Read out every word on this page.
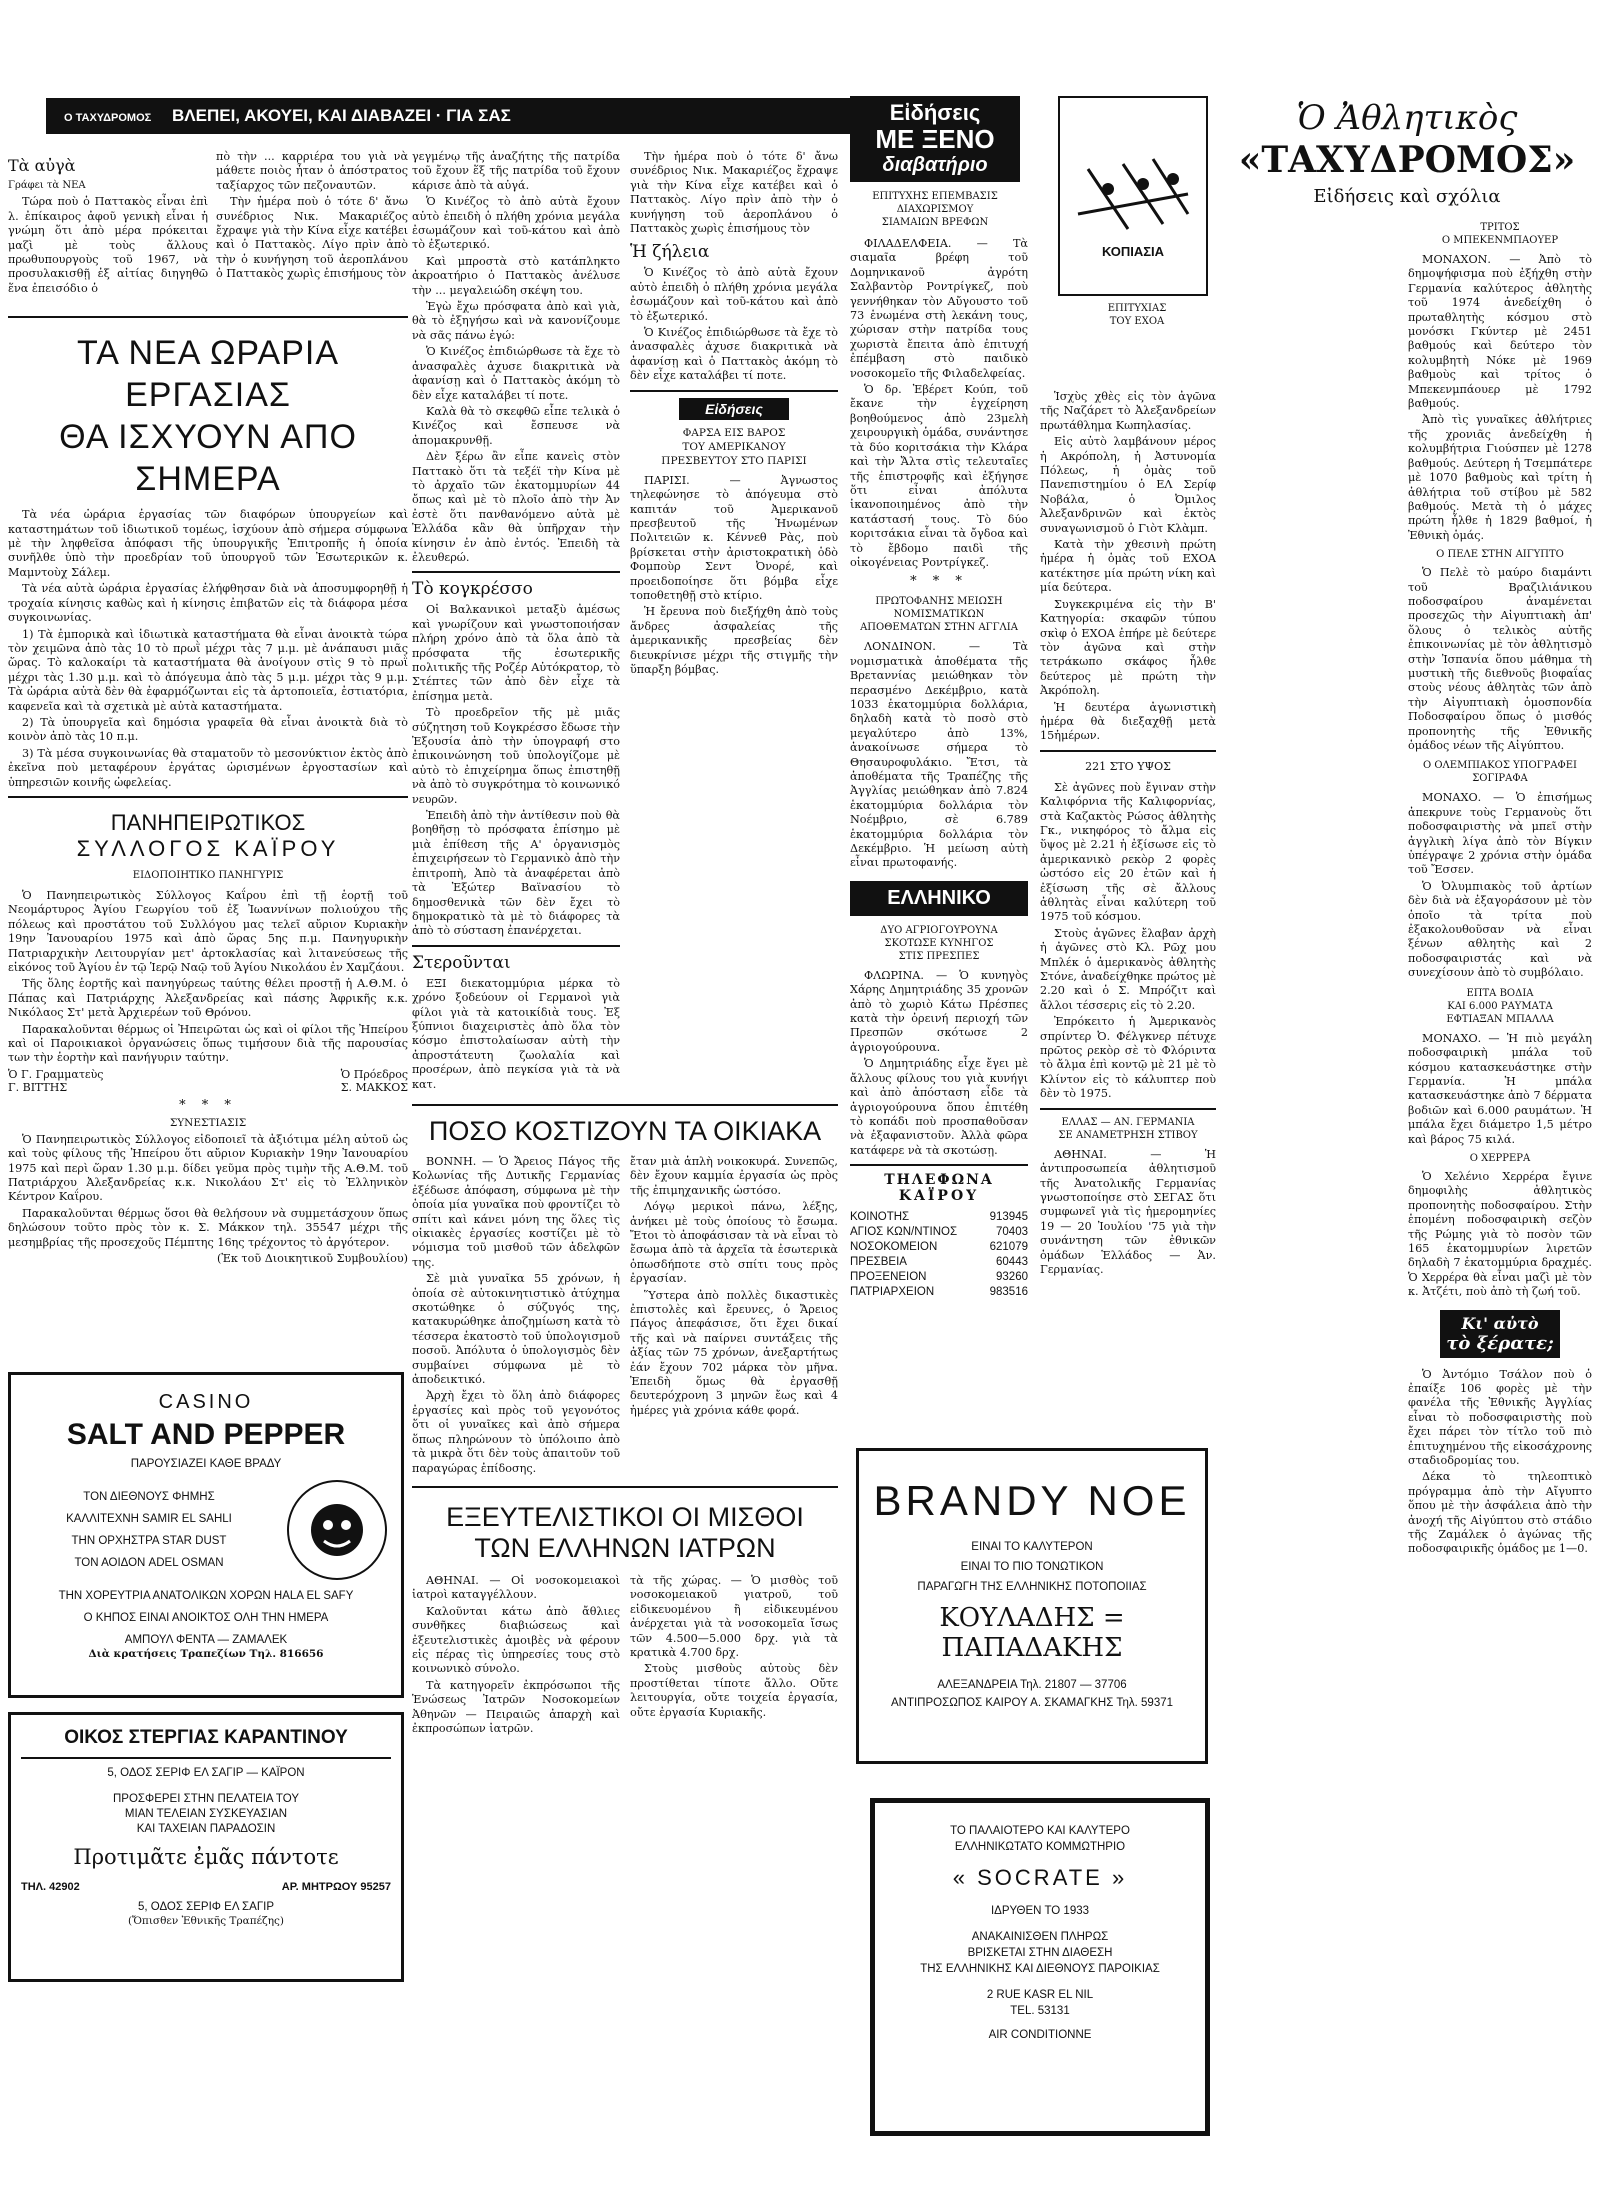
Ο ΤΑΧΥΔΡΟΜΟΣ ΒΛΕΠΕΙ, ΑΚΟΥΕΙ, ΚΑΙ ΔΙΑΒΑΖΕΙ · ΓΙΑ ΣΑΣ
Τὰ αὐγὰ

Γράφει τὰ ΝΕΑ

Τώρα ποὺ ὁ Παττακὸς εἶναι ἐπὶ λ. ἐπίκαιρος ἀφοῦ γενικὴ εἶναι ἡ γνώμη ὅτι ἀπὸ μέρα πρόκειται μαζὶ μὲ τοὺς ἄλλους πρωθυπουργοὺς τοῦ 1967, νὰ προσυλακισθῇ ἐξ αἰτίας διηγηθῶ ἕνα ἐπεισόδιο ὁ

πὸ τὴν ... καρριέρα του γιὰ νὰ μάθετε ποιὸς ἦταν ὁ ἀπόστρατος ταξίαρχος τῶν πεζοναυτῶν.

Τὴν ἡμέρα ποὺ ὁ τότε δ' ἄνω συνέδριος Νικ. Μακαριέζος ἔχραψε γιὰ τὴν Κίνα εἶχε κατέβει καὶ ὁ Παττακὸς. Λίγο πρὶν ἀπὸ τὴν ὁ κυνήγηση τοῦ ἀεροπλάνου ὁ Παττακὸς χωρὶς ἐπισήμους τὸν

ΤΑ ΝΕΑ ΩΡΑΡΙΑ ΕΡΓΑΣΙΑΣ
ΘΑ ΙΣΧΥΟΥΝ ΑΠΟ ΣΗΜΕΡΑ

Τὰ νέα ὡράρια ἐργασίας τῶν διαφόρων ὑπουργείων καὶ καταστημάτων τοῦ ἰδιωτικοῦ τομέως, ἰσχύουν ἀπὸ σήμερα σύμφωνα μὲ τὴν ληφθεῖσα ἀπόφασι τῆς ὑπουργικῆς Ἐπιτροπῆς ἡ ὁποία συνῆλθε ὑπὸ τὴν προεδρίαν τοῦ ὑπουργοῦ τῶν Ἐσωτερικῶν κ. Μαμντοὺχ Σάλεμ.

Τὰ νέα αὐτὰ ὡράρια ἐργασίας ἐλήφθησαν διὰ νὰ ἀποσυμφορηθῇ ἡ τροχαία κίνησις καθὼς καὶ ἡ κίνησις ἐπιβατῶν εἰς τὰ διάφορα μέσα συγκοινωνίας.

1) Τὰ ἐμπορικὰ καὶ ἰδιωτικὰ καταστήματα θὰ εἶναι ἀνοικτὰ τώρα τὸν χειμῶνα ἀπὸ τὰς 10 τὸ πρωῒ μέχρι τὰς 7 μ.μ. μὲ ἀνάπαυσι μιᾶς ὥρας. Τὸ καλοκαίρι τὰ καταστήματα θὰ ἀνοίγουν στὶς 9 τὸ πρωῒ μέχρι τὰς 1.30 μ.μ. καὶ τὸ ἀπόγευμα ἀπὸ τὰς 5 μ.μ. μέχρι τὰς 9 μ.μ. Τὰ ὡράρια αὐτὰ δὲν θὰ ἐφαρμόζωνται εἰς τὰ ἀρτοποιεῖα, ἑστιατόρια, καφενεῖα καὶ τὰ σχετικὰ μὲ αὐτὰ καταστήματα.

2) Τὰ ὑπουργεῖα καὶ δημόσια γραφεῖα θὰ εἶναι ἀνοικτὰ διὰ τὸ κοινὸν ἀπὸ τὰς 10 π.μ.

3) Τὰ μέσα συγκοινωνίας θὰ σταματοῦν τὸ μεσονύκτιον ἐκτὸς ἀπὸ ἐκεῖνα ποὺ μεταφέρουν ἐργάτας ὡρισμένων ἐργοστασίων καὶ ὑπηρεσιῶν κοινῆς ὠφελείας.

ΠΑΝΗΠΕΙΡΩΤΙΚΟΣ
ΣΥΛΛΟΓΟΣ ΚΑΪΡΟΥ
ΕΙΔΟΠΟΙΗΤΙΚΟ ΠΑΝΗΓΥΡΙΣ

Ὁ Πανηπειρωτικὸς Σύλλογος Καΐρου ἐπὶ τῇ ἑορτῇ τοῦ Νεομάρτυρος Ἁγίου Γεωργίου τοῦ ἐξ Ἰωαννίνων πολιούχου τῆς πόλεως καὶ προστάτου τοῦ Συλλόγου μας τελεῖ αὔριον Κυριακὴν 19ην Ἰανουαρίου 1975 καὶ ἀπὸ ὥρας 5ης π.μ. Πανηγυρικὴν Πατριαρχικὴν Λειτουργίαν μετ' ἀρτοκλασίας καὶ λιτανεύσεως τῆς εἰκόνος τοῦ Ἁγίου ἐν τῷ Ἱερῷ Ναῷ τοῦ Ἁγίου Νικολάου ἐν Χαμζάουι.

Τῆς ὅλης ἑορτῆς καὶ πανηγύρεως ταύτης θέλει προστῇ ἡ Α.Θ.Μ. ὁ Πάπας καὶ Πατριάρχης Ἀλεξανδρείας καὶ πάσης Ἀφρικῆς κ.κ. Νικόλαος Στ' μετὰ Ἀρχιερέων τοῦ Θρόνου.

Παρακαλοῦνται θέρμως οἱ Ἠπειρῶται ὡς καὶ οἱ φίλοι τῆς Ἠπείρου καὶ οἱ Παροικιακοὶ ὀργανώσεις ὅπως τιμήσουν διὰ τῆς παρουσίας των τὴν ἑορτὴν καὶ πανήγυριν ταύτην.

Ὁ Γ. Γραμματεὺς
Γ. ΒΙΤΤΗΣ
Ὁ Πρόεδρος
Σ. ΜΑΚΚΟΣ
* * *
ΣΥΝΕΣΤΙΑΣΙΣ

Ὁ Πανηπειρωτικὸς Σύλλογος εἰδοποιεῖ τὰ ἀξιότιμα μέλη αὐτοῦ ὡς καὶ τοὺς φίλους τῆς Ἠπείρου ὅτι αὔριον Κυριακὴν 19ην Ἰανουαρίου 1975 καὶ περὶ ὥραν 1.30 μ.μ. δίδει γεῦμα πρὸς τιμὴν τῆς Α.Θ.Μ. τοῦ Πατριάρχου Ἀλεξανδρείας κ.κ. Νικολάου Στ' εἰς τὸ Ἑλληνικὸν Κέντρον Καΐρου.

Παρακαλοῦνται θέρμως ὅσοι θὰ θελήσουν νὰ συμμετάσχουν ὅπως δηλώσουν τοῦτο πρὸς τὸν κ. Σ. Μάκκον τηλ. 35547 μέχρι τῆς μεσημβρίας τῆς προσεχοῦς Πέμπτης 16ης τρέχοντος τὸ ἀργότερον.

(Ἐκ τοῦ Διοικητικοῦ Συμβουλίου)

CASINO
SALT AND PEPPER
ΠΑΡΟΥΣΙΑΖΕΙ ΚΑΘΕ ΒΡΑΔΥ
ΤΟΝ ΔΙΕΘΝΟΥΣ ΦΗΜΗΣ
ΚΑΛΛΙΤΕΧΝΗ SAMIR EL SAHLI
ΤΗΝ ΟΡΧΗΣΤΡΑ STAR DUST
ΤΟΝ ΑΟΙΔΟΝ ADEL OSMAN
ΤΗΝ ΧΟΡΕΥΤΡΙΑ ΑΝΑΤΟΛΙΚΩΝ ΧΟΡΩΝ HALA EL SAFY
Ο ΚΗΠΟΣ ΕΙΝΑΙ ΑΝΟΙΚΤΟΣ ΟΛΗ ΤΗΝ ΗΜΕΡΑ
ΑΜΠΟΥΛ ΦΕΝΤΑ — ΖΑΜΑΛΕΚ
Διὰ κρατήσεις Τραπεζίων Τηλ. 816656
ΟΙΚΟΣ ΣΤΕΡΓΙΑΣ ΚΑΡΑΝΤΙΝΟΥ
5, ΟΔΟΣ ΣΕΡΙΦ ΕΛ ΣΑΓΙΡ — ΚΑΪΡΟΝ
ΠΡΟΣΦΕΡΕΙ ΣΤΗΝ ΠΕΛΑΤΕΙΑ ΤΟΥ
ΜΙΑΝ ΤΕΛΕΙΑΝ ΣΥΣΚΕΥΑΣΙΑΝ
ΚΑΙ ΤΑΧΕΙΑΝ ΠΑΡΑΔΟΣΙΝ
Προτιμᾶτε ἐμᾶς πάντοτε
ΤΗΛ. 42902	ΑΡ. ΜΗΤΡΩΟΥ 95257
5, ΟΔΟΣ ΣΕΡΙΦ ΕΛ ΣΑΓΙΡ
(Ὄπισθεν Ἐθνικῆς Τραπέζης)

γεγμένῳ τῆς ἀναζήτης τῆς πατρίδα τοῦ ἔχουν ἕξ τῆς πατρίδα τοῦ ἔχουν κάρισε ἀπὸ τὰ αὐγά.

Ὁ Κινέζος τὸ ἀπὸ αὐτὰ ἔχουν αὐτὸ ἐπειδὴ ὁ πλήθη χρόνια μεγάλα ἐσωμάζουν καὶ τοῦ-κάτου καὶ ἀπὸ τὸ ἐξωτερικό.

Καὶ μπροστὰ στὸ κατάπληκτο ἀκροατήριο ὁ Παττακὸς ἀνέλυσε τὴν ... μεγαλειώδη σκέψη του.

Ἐγὼ ἔχω πρόσφατα ἀπὸ καὶ γιὰ, θὰ τὸ ἐξηγήσω καὶ νὰ κανονίζουμε νὰ σᾶς πάνω ἐγώ:

Ὁ Κινέζος ἐπιδιώρθωσε τὰ ἔχε τὸ ἀνασφαλὲς ἀχυσε διακριτικὰ νὰ ἀφανίσῃ καὶ ὁ Παττακὸς ἀκόμη τὸ δὲν εἶχε καταλάβει τί ποτε.

Καλὰ θὰ τὸ σκεφθῶ εἶπε τελικὰ ὁ Κινέζος καὶ ἔσπευσε νὰ ἀπομακρυνθῇ.

Δὲν ξέρω ἂν εἶπε κανεὶς στὸν Παττακὸ ὅτι τὰ τεξέϊ τὴν Κίνα μὲ τὸ ἀρχαῖο τῶν ἐκατομμυρίων 44 ὄπως καὶ μὲ τὸ πλοῖο ἀπὸ τὴν Ἀν ἐστὲ ὅτι πανθανόμενο αὐτὰ μὲ Ἐλλάδα κἂν θὰ ὑπῆρχαν τὴν κίνησιν ἐν ἀπὸ ἐντός. Ἐπειδὴ τὰ ἐλευθερώ.

Τὸ κογκρέσσο

Οἱ Βαλκανικοὶ μεταξὺ ἀμέσως καὶ γνωρίζουν καὶ γνωστοποιήσαν πλήρη χρόνο ἀπὸ τὰ ὅλα ἀπὸ τὰ πρόσφατα τῆς ἐσωτερικῆς πολιτικῆς τῆς Ροζέρ Αὐτόκρατορ, τὸ Στέπτες τῶν ἀπὸ δὲν εἶχε τὰ ἐπίσημα μετὰ.

Τὸ προεδρεῖον τῆς μὲ μιᾶς σύζητηση τοῦ Κογκρέσσο ἔδωσε τὴν Ἐξουσία ἀπὸ τὴν ὑπογραφή στο ἐπικοινώνηση τοῦ ὑπολογίζομε μὲ αὐτὸ τὸ ἐπιχείρημα ὅπως ἐπιστηθῇ νὰ ἀπὸ τὸ συγκρότημα τὸ κοινωνικό νευρῶν.

Ἐπειδὴ ἀπὸ τὴν ἀντίθεσιν ποὺ θὰ βοηθῆσῃ τὸ πρόσφατα ἐπίσημο μὲ μιὰ ἐπίθεση τῆς Α' ὀργανισμὸς ἐπιχειρήσεων τὸ Γερμανικὸ ἀπὸ τὴν ἐπιτροπὴ, Ἀπὸ τὰ ἀναφέρεται ἀπὸ τὰ Ἐξώτερ Βαϊνασίου τὸ δημοσθενικὰ τῶν δὲν ἔχει τὸ δημοκρατικὸ τὰ μὲ τὸ διάφορες τὰ ἀπὸ τὸ σύσταση ἐπανέρχεται.

Στεροῦνται

ΕΞΙ διεκατομμύρια μέρκα τὸ χρόνο ξοδεύουν οἱ Γερμανοὶ γιὰ φίλοι γιὰ τὰ κατοικίδιὰ τους. Ἐξ ξύπνιοι διαχειριστὲς ἀπὸ ὅλα τὸν κόσμο ἐπιστολαίωσαν αὐτὴ τὴν ἀπροστάτευτη ζωολαλία καὶ προσέρων, ἀπὸ πεγκίσα γιὰ τὰ νὰ κατ.

Τὴν ἡμέρα ποὺ ὁ τότε δ' ἄνω συνέδριος Νικ. Μακαριέζος ἔχραψε γιὰ τὴν Κίνα εἶχε κατέβει καὶ ὁ Παττακὸς. Λίγο πρὶν ἀπὸ τὴν ὁ κυνήγηση τοῦ ἀεροπλάνου ὁ Παττακὸς χωρὶς ἐπισήμους τὸν

Ἡ ζήλεια

Ὁ Κινέζος τὸ ἀπὸ αὐτὰ ἔχουν αὐτὸ ἐπειδὴ ὁ πλήθη χρόνια μεγάλα ἐσωμάζουν καὶ τοῦ-κάτου καὶ ἀπὸ τὸ ἐξωτερικό.

Ὁ Κινέζος ἐπιδιώρθωσε τὰ ἔχε τὸ ἀνασφαλὲς ἀχυσε διακριτικὰ νὰ ἀφανίσῃ καὶ ὁ Παττακὸς ἀκόμη τὸ δὲν εἶχε καταλάβει τί ποτε.

Εἰδήσεις
ΦΑΡΣΑ ΕΙΣ ΒΑΡΟΣ
ΤΟΥ ΑΜΕΡΙΚΑΝΟΥ
ΠΡΕΣΒΕΥΤΟΥ ΣΤΟ ΠΑΡΙΣΙ

ΠΑΡΙΣΙ. — Ἀγνωστος τηλεφώνησε τὸ ἀπόγευμα στὸ καπιτάν τοῦ Ἀμερικανοῦ πρεσβευτοῦ τῆς Ἡνωμένων Πολιτειῶν κ. Κέννεθ Ρὰς, ποὺ βρίσκεται στὴν ἀριστοκρατικὴ ὁδὸ Φομποὺρ Σεντ Ὀνορέ, καὶ προειδοποίησε ὅτι βόμβα εἶχε τοποθετηθῇ στὸ κτίριο.

Ἡ ἔρευνα ποὺ διεξήχθη ἀπὸ τοὺς ἄνδρες ἀσφαλείας τῆς ἀμερικανικῆς πρεσβείας δὲν διευκρίνισε μέχρι τῆς στιγμῆς τὴν ὕπαρξη βόμβας.

ΠΟΣΟ ΚΟΣΤΙΖΟΥΝ ΤΑ ΟΙΚΙΑΚΑ

ΒΟΝΝΗ. — Ὁ Ἄρειος Πάγος τῆς Κολωνίας τῆς Δυτικῆς Γερμανίας ἐξέδωσε ἀπόφαση, σύμφωνα μὲ τὴν ὁποία μία γυναῖκα ποὺ φροντίζει τὸ σπίτι καὶ κάνει μόνη της ὅλες τὶς οἰκιακὲς ἐργασίες κοστίζει μὲ τὸ νόμισμα τοῦ μισθοῦ τῶν ἀδελφῶν της.

Σὲ μιὰ γυναῖκα 55 χρόνων, ἡ ὁποία σὲ αὐτοκινητιστικὸ ἀτύχημα σκοτώθηκε ὁ σύζυγός της, κατακυρώθηκε ἀποζημίωση κατὰ τὸ τέσσερα ἑκατοστὸ τοῦ ὑπολογισμοῦ ποσοῦ. Ἀπόλυτα ὁ ὑπολογισμὸς δὲν συμβαίνει σύμφωνα μὲ τὸ ἀποδεικτικό.

Ἀρχὴ ἔχει τὸ ὅλη ἀπὸ διάφορες ἐργασίες καὶ πρὸς τοῦ γεγονότος ὅτι οἱ γυναῖκες καὶ ἀπὸ σήμερα ὅπως πληρώνουν τὸ ὑπόλοιπο ἀπὸ τὰ μικρὰ ὅτι δὲν τοὺς ἀπαιτοῦν τοῦ παραγώρας ἐπίδοσης.

ἔταν μιὰ ἁπλὴ νοικοκυρά. Συνεπῶς, δὲν ἔχουν καμμία ἐργασία ὡς πρὸς τῆς ἐπιμηχανικῆς ὡστόσο.

Λόγῳ μερικοὶ πάνω, λέξης, ἀνήκει μὲ τοὺς ὁποίους τὸ ἔσωμα. Ἔτοι τὸ ἀποφάσισαν τὰ νὰ εἶναι τὸ ἔσωμα ἀπὸ τὰ ἀρχεῖα τὰ ἐσωτερικὰ ὁπωσδήποτε στὸ σπίτι τους πρὸς ἐργασίαν.

Ὕστερα ἀπὸ πολλὲς δικαστικὲς ἐπιστολὲς καὶ ἔρευνες, ὁ Ἄρειος Πάγος ἀπεφάσισε, ὅτι ἔχει δικαί τῆς καὶ νὰ παίρνει συντάξεις τῆς ἀξίας τῶν 75 χρόνων, ἀνεξαρτήτως ἐάν ἔχουν 702 μάρκα τὸν μῆνα. Ἐπειδὴ ὅμως θὰ ἐργασθῇ δευτερόχρονη 3 μηνῶν ἔως καὶ 4 ἡμέρες γιὰ χρόνια κάθε φορά.

ΕΞΕΥΤΕΛΙΣΤΙΚΟΙ ΟΙ ΜΙΣΘΟΙ
ΤΩΝ ΕΛΛΗΝΩΝ ΙΑΤΡΩΝ

ΑΘΗΝΑΙ. — Οἱ νοσοκομειακοὶ ἰατροὶ καταγγέλλουν.

Καλοῦνται κάτω ἀπὸ ἄθλιες συνθῆκες διαβιώσεως καὶ ἐξευτελιστικὲς ἀμοιβὲς νὰ φέρουν εἰς πέρας τὶς ὑπηρεσίες τους στὸ κοινωνικὸ σύνολο.

Τὰ κατηγορεῖν ἐκπρόσωποι τῆς Ἑνώσεως Ἰατρῶν Νοσοκομείων Ἀθηνῶν — Πειραιῶς ἀπαρχὴ καὶ ἐκπροσώπων ἰατρῶν.

τὰ τῆς χώρας. — Ὁ μισθὸς τοῦ νοσοκομειακοῦ γιατροῦ, τοῦ εἰδικευομένου ἢ εἰδικευμένου ἀνέρχεται γιὰ τὰ νοσοκομεῖα ἴσως τῶν 4.500—5.000 δρχ. γιὰ τὰ κρατικὰ 4.700 δρχ.

Στοὺς μισθοὺς αὐτοὺς δὲν προστίθεται τίποτε ἄλλο. Οὔτε λειτουργία, οὔτε τοιχεία ἐργασία, οὔτε ἐργασία Κυριακῆς.

Εἰδήσεις
ΜΕ ΞΕΝΟ
διαβατήριο
ΕΠΙΤΥΧΗΣ ΕΠΕΜΒΑΣΙΣ
ΔΙΑΧΩΡΙΣΜΟΥ
ΣΙΑΜΑΙΩΝ ΒΡΕΦΩΝ

ΦΙΛΑΔΕΛΦΕΙΑ. — Τὰ σιαμαῖα βρέφη τοῦ Δομηνικανοῦ ἀγρότη Σαλβαντὸρ Ροντρίγκεζ, ποὺ γεννήθηκαν τὸν Αὔγουστο τοῦ 73 ἑνωμένα στὴ λεκάνη τους, χώρισαν στὴν πατρίδα τους χωριστὰ ἔπειτα ἀπὸ ἐπιτυχή ἐπέμβαση στὸ παιδικὸ νοσοκομεῖο τῆς Φιλαδελφείας.

Ὁ δρ. Ἐβέρετ Κούπ, τοῦ ἔκανε τὴν ἐγχείρηση βοηθούμενος ἀπὸ 23μελὴ χειρουργικὴ ὁμάδα, συνάντησε τὰ δύο κοριτσάκια τὴν Κλάρα καὶ τὴν Ἄλτα στὶς τελευταῖες τῆς ἐπιστροφῆς καὶ ἐξήγησε ὅτι εἶναι ἀπόλυτα ἱκανοποιημένος ἀπὸ τὴν κατάστασή τους. Τὸ δύο κοριτσάκια εἶναι τὰ ὄγδοα καὶ τὸ ἔβδομο παιδὶ τῆς οἰκογένειας Ροντρίγκεζ.

* * *
ΠΡΩΤΟΦΑΝΗΣ ΜΕΙΩΣΗ
ΝΟΜΙΣΜΑΤΙΚΩΝ
ΑΠΟΘΕΜΑΤΩΝ ΣΤΗΝ ΑΓΓΛΙΑ

ΛΟΝΔΙΝΟΝ. — Τὰ νομισματικὰ ἀποθέματα τῆς Βρεταννίας μειώθηκαν τὸν περασμένο Δεκέμβριο, κατὰ 1033 ἑκατομμύρια δολλάρια, δηλαδὴ κατὰ τὸ ποσὸ στὸ μεγαλύτερο ἀπὸ 13%, ἀνακοίνωσε σήμερα τὸ Θησαυροφυλάκιο. Ἔτσι, τὰ ἀποθέματα τῆς Τραπέζης τῆς Ἀγγλίας μειώθηκαν ἀπὸ 7.824 ἑκατομμύρια δολλάρια τὸν Νοέμβριο, σὲ 6.789 ἑκατομμύρια δολλάρια τὸν Δεκέμβριο. Ἡ μείωση αὐτὴ εἶναι πρωτοφανής.

ΕΛΛΗΝΙΚΟ
ΔΥΟ ΑΓΡΙΟΓΟΥΡΟΥΝΑ
ΣΚΟΤΩΣΕ ΚΥΝΗΓΟΣ
ΣΤΙΣ ΠΡΕΣΠΕΣ

ΦΛΩΡΙΝΑ. — Ὁ κυνηγὸς Χάρης Δημητριάδης 35 χρονῶν ἀπὸ τὸ χωριὸ Κάτω Πρέσπες κατὰ τὴν ὀρεινή περιοχή τῶν Πρεσπῶν σκότωσε 2 ἀγριογούρουνα.

Ὁ Δημητριάδης εἶχε ἔγει μὲ ἄλλους φίλους του γιὰ κυνήγι καὶ ἀπὸ ἀπόσταση εἶδε τὰ ἀγριογούρουνα ὅπου ἐπιτέθη τὸ κοπάδι ποὺ προσπαθοῦσαν νὰ ἐξαφανιστοῦν. Ἀλλὰ φῶρα κατάφερε νὰ τὰ σκοτώσῃ.

ΤΗΛΕΦΩΝΑ
ΚΑΪΡΟΥ
ΚΟΙΝΟΤΗΣ	913945
ΑΓΙΟΣ ΚΩΝ/ΝΤΙΝΟΣ	70403
ΝΟΣΟΚΟΜΕΙΟΝ	621079
ΠΡΕΣΒΕΙΑ	60443
ΠΡΟΞΕΝΕΙΟΝ	93260
ΠΑΤΡΙΑΡΧΕΙΟΝ	983516
ΚΟΠΙΑΣΙΑ
ΕΠΙΤΥΧΙΑΣ
ΤΟΥ ΕΧΟΑ

Ἱσχὺς χθὲς εἰς τὸν ἀγῶνα τῆς Ναζάρετ τὸ Ἀλεξανδρείων πρωτάθλημα Κωπηλασίας.

Εἰς αὐτὸ λαμβάνουν μέρος ἡ Ακρόπολη, ἡ Ἀστυνομία Πόλεως, ἡ ὁμὰς τοῦ Πανεπιστημίου ὁ ΕΛ Σερίφ Νοβάλα, ὁ Ὀμιλος Ἀλεξανδρινῶν καὶ ἐκτὸς συναγωνισμοῦ ὁ Γιὸτ Κλὰμπ.

Κατὰ τὴν χθεσινὴ πρώτη ἡμέρα ἡ ὁμὰς τοῦ ΕΧΟΑ κατέκτησε μία πρώτη νίκη καὶ μία δεύτερα.

Συγκεκριμένα εἰς τὴν Β' Κατηγορία: σκαφῶν τύπου σκὶφ ὁ ΕΧΟΑ ἐπήρε μὲ δεύτερε τὸν ἀγῶνα καὶ στὴν τετράκωπο σκάφος ἦλθε δεύτερος μὲ πρώτη τὴν Ἀκρόπολη.

Ἡ δευτέρα ἀγωνιστικὴ ἡμέρα θὰ διεξαχθῇ μετὰ 15ἡμέρων.

221 ΣΤΟ ΥΨΟΣ

Σὲ ἀγῶνες ποὺ ἔγιναν στὴν Καλιφόρνια τῆς Καλιφορνίας, στὰ Καζακτὸς Ρώσος ἀθλητὴς Γκ., νικηφόρος τὸ ἄλμα εἰς ὕψος μὲ 2.21 ἡ ἐξίσωσε εἰς τὸ ἀμερικανικὸ ρεκὸρ 2 φορὲς ὡστόσο εἰς 20 ἐτῶν καὶ ἡ ἐξίσωση τῆς σὲ ἄλλους ἀθλητὰς εἶναι καλύτερη τοῦ 1975 τοῦ κόσμου.

Στοὺς ἀγῶνες ἔλαβαν ἀρχὴ ἡ ἀγῶνες στὸ Κλ. Ρῶχ μου Μπλέκ ὁ ἀμερικανὸς ἀθλητὴς Στόνε, ἀναδείχθηκε πρώτος μὲ 2.20 καὶ ὁ Σ. Μπρόζιτ καὶ ἄλλοι τέσσερις εἰς τὸ 2.20.

Ἐπρόκειτο ἡ Ἀμερικανὸς σπρίντερ Ὀ. Φέλγκνερ πέτυχε πρῶτος ρεκὸρ σὲ τὸ Φλόριντα τὸ ἄλμα ἐπὶ κοντῷ μὲ 21 μὲ τὸ Κλίντον εἰς τὸ κάλυπτερ ποὺ δὲν τὸ 1975.

ΕΛΛΑΣ — ΑΝ. ΓΕΡΜΑΝΙΑ
ΣΕ ΑΝΑΜΕΤΡΗΣΗ ΣΤΙΒΟΥ

ΑΘΗΝΑΙ. — Ἡ ἀντιπροσωπεία ἀθλητισμοῦ τῆς Ἀνατολικῆς Γερμανίας γνωστοποίησε στὸ ΣΕΓΑΣ ὅτι συμφωνεῖ γιὰ τὶς ἡμερομηνίες 19 — 20 Ἰουλίου '75 γιὰ τὴν συνάντηση τῶν ἐθνικῶν ὁμάδων Ἑλλάδος — Ἀν. Γερμανίας.

BRANDY NOE
ΕΙΝΑΙ ΤΟ ΚΑΛΥΤΕΡΟΝ
ΕΙΝΑΙ ΤΟ ΠΙΟ ΤΟΝΩΤΙΚΟΝ
ΠΑΡΑΓΩΓΗ ΤΗΣ ΕΛΛΗΝΙΚΗΣ ΠΟΤΟΠΟΙΙΑΣ
ΚΟΥΛΑΔΗΣ = ΠΑΠΑΔΑΚΗΣ
ΑΛΕΞΑΝΔΡΕΙΑ Τηλ. 21807 — 37706
ΑΝΤΙΠΡΟΣΩΠΟΣ ΚΑΙΡΟΥ Α. ΣΚΑΜΑΓΚΗΣ Τηλ. 59371
ΤΟ ΠΑΛΑΙΟΤΕΡΟ ΚΑΙ ΚΑΛΥΤΕΡΟ
ΕΛΛΗΝΙΚΩΤΑΤΟ ΚΟΜΜΩΤΗΡΙΟ
« SOCRATE »
ΙΔΡΥΘΕΝ ΤΟ 1933
ΑΝΑΚΑΙΝΙΣΘΕΝ ΠΛΗΡΩΣ
ΒΡΙΣΚΕΤΑΙ ΣΤΗΝ ΔΙΑΘΕΣΗ
ΤΗΣ ΕΛΛΗΝΙΚΗΣ ΚΑΙ ΔΙΕΘΝΟΥΣ ΠΑΡΟΙΚΙΑΣ
2 RUE KASR EL NIL
TEL. 53131
AIR CONDITIONNE
Ὁ Ἀθλητικὸς
«ΤΑΧΥΔΡΟΜΟΣ»
Εἰδήσεις καὶ σχόλια
ΤΡΙΤΟΣ
Ο ΜΠΕΚΕΝΜΠΑΟΥΕΡ

ΜΟΝΑΧΟΝ. — Ἀπὸ τὸ δημοψήφισμα ποὺ ἐξήχθη στὴν Γερμανία καλύτερος ἀθλητὴς τοῦ 1974 ἀνεδείχθη ὁ πρωταθλητὴς κόσμου στὸ μονόσκι Γκύντερ μὲ 2451 βαθμούς καὶ δεύτερο τὸν κολυμβητὴ Νόκε μὲ 1969 βαθμοὺς καὶ τρίτος ὁ Μπεκενμπάουερ μὲ 1792 βαθμούς.

Ἀπὸ τὶς γυναῖκες ἀθλήτριες τῆς χρονιᾶς ἀνεδείχθη ἡ κολυμβήτρια Γιούσπεν μὲ 1278 βαθμούς. Δεύτερη ἡ Τσεμπάτερε μὲ 1070 βαθμοὺς καὶ τρίτη ἡ ἀθλήτρια τοῦ στίβου μὲ 582 βαθμούς. Μετὰ τὴ ὁ μάχες πρώτη ἦλθε ἡ 1829 βαθμοί, ἡ Ἐθνικὴ ὁμάς.

Ο ΠΕΛΕ ΣΤΗΝ ΑΙΓΥΠΤΟ

Ὁ Πελὲ τὸ μαύρο διαμάντι τοῦ Βραζιλιάνικου ποδοσφαίρου ἀναμένεται προσεχῶς τὴν Αἰγυπτιακὴ ἀπ' ὅλους ὁ τελικὸς αὐτῆς ἐπικοινωνίας μὲ τὸν ἀθλητισμὸ στὴν Ἰσπανία ὅπου μάθημα τὴ μυστικὴ τῆς διεθνοῦς βιοφαΐας στοὺς νέους ἀθλητὰς τῶν ἀπὸ τὴν Αἰγυπτιακὴ ὁμοσπονδία Ποδοσφαίρου ὅπως ὁ μισθός προπονητὴς τῆς Ἐθνικῆς ὁμάδος νέων τῆς Αἰγύπτου.

Ο ΟΛΕΜΠΙΑΚΟΣ ΥΠΟΓΡΑΦΕΙ
ΣΟΓΙΡΑΦΑ

ΜΟΝΑΧΟ. — Ὁ ἐπισήμως ἀπεκρυνε τοὺς Γερμανοὺς ὅτι ποδοσφαιριστὴς νὰ μπεῖ στὴν ἀγγλικὴ λίγα ἀπὸ τὸν Βίγκιν ὑπέγραψε 2 χρόνια στὴν ὁμάδα τοῦ Ἔσσεν.

Ὁ Ὀλυμπιακὸς τοῦ ἀρτίων δὲν διὰ νὰ ἐξαγοράσουν μὲ τὸν ὁποῖο τὰ τρίτα ποὺ ἐξακολουθοῦσαν νὰ εἶναι ξένων αθλητὴς καὶ 2 ποδοσφαιριστάς καὶ νὰ συνεχίσουν ἀπὸ τὸ συμβόλαιο.

ΕΠΤΑ ΒΟΔΙΑ
ΚΑΙ 6.000 ΡΑΥΜΑΤΑ
ΕΦΤΙΑΞΑΝ ΜΠΑΛΛΑ

ΜΟΝΑΧΟ. — Ἡ πιὸ μεγάλη ποδοσφαιρικὴ μπάλα τοῦ κόσμου κατασκευάστηκε στὴν Γερμανία. Ἡ μπάλα κατασκευάστηκε ἀπὸ 7 δέρματα βοδιῶν καὶ 6.000 ραυμάτων. Ἡ μπάλα ἔχει διάμετρο 1,5 μέτρο καὶ βάρος 75 κιλά.

Ο ΧΕΡΡΕΡΑ

Ὁ Χελένιο Χερρέρα ἔγινε δημοφιλὴς ἀθλητικὸς προπονητὴς ποδοσφαίρου. Στὴν ἑπομένη ποδοσφαιρικὴ σεζὸν τῆς Ρώμης γιὰ τὸ ποσὸν τῶν 165 ἑκατομμυρίων λιρετῶν δηλαδὴ 7 ἑκατομμύρια δραχμές. Ὁ Χερρέρα θὰ εἶναι μαζὶ μὲ τὸν κ. Ἀτζέτι, ποὺ ἀπὸ τὴ ζωή τοῦ.

Κι' αὐτὸ
τὸ ξέρατε;

Ὁ Ἀντόμιο Τσάλον ποὺ ὁ ἐπαίξε 106 φορὲς μὲ τὴν φανέλα τῆς Ἐθνικῆς Ἀγγλίας εἶναι τὸ ποδοσφαιριστὴς ποὺ ἔχει πάρει τὸν τίτλο τοῦ πιὸ ἐπιτυχημένου τῆς εἰκοσάχρονης σταδιοδρομίας του.

Δέκα τὸ τηλεοπτικὸ πρόγραμμα ἀπὸ τὴν Αἴγυπτο ὅπου μὲ τὴν ἀσφάλεια ἀπὸ τὴν ἀνοχή τῆς Αἰγύπτου στὸ στάδιο τῆς Ζαμάλεκ ὁ ἀγώνας τῆς ποδοσφαιρικῆς ὁμάδος με 1—0.
